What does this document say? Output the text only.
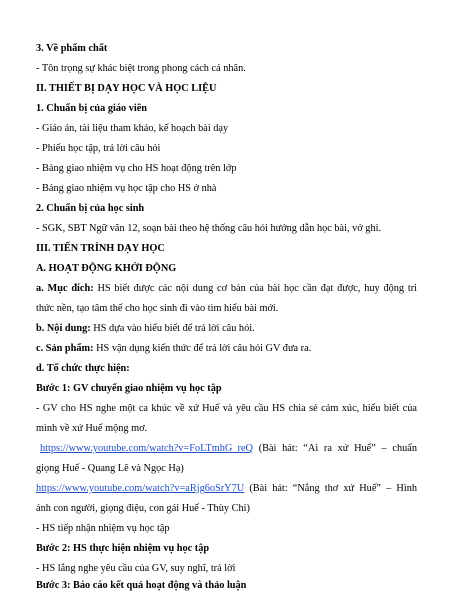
3. Về phẩm chất
- Tôn trọng sự khác biệt trong phong cách cá nhân.
II. THIẾT BỊ DẠY HỌC VÀ HỌC LIỆU
1. Chuẩn bị của giáo viên
- Giáo án, tài liệu tham khảo, kế hoạch bài dạy
- Phiếu học tập, trả lời câu hỏi
- Bảng giao nhiệm vụ cho HS hoạt động trên lớp
- Bảng giao nhiệm vụ học tập cho HS ở nhà
2. Chuẩn bị của học sinh
- SGK, SBT Ngữ văn 12, soạn bài theo hệ thống câu hỏi hướng dẫn học bài, vở ghi.
III. TIẾN TRÌNH DẠY HỌC
A. HOẠT ĐỘNG KHỞI ĐỘNG
a. Mục đích: HS biết được các nội dung cơ bản của bài học cần đạt được, huy động tri
thức nền, tạo tâm thế cho học sinh đi vào tìm hiểu bài mới.
b. Nội dung: HS dựa vào hiểu biết để trả lời câu hỏi.
c. Sản phẩm: HS vận dụng kiến thức để trả lời câu hỏi GV đưa ra.
d. Tổ chức thực hiện:
Bước 1: GV chuyển giao nhiệm vụ học tập
- GV cho HS nghe một ca khúc về xứ Huế và yêu cầu HS chia sẻ cảm xúc, hiểu biết của
mình về xứ Huế mộng mơ.
https://www.youtube.com/watch?v=FoLTmhG_reQ (Bài hát: “Ai ra xứ Huế” – chuẩn
giọng Huế - Quang Lê và Ngọc Hạ)
https://www.youtube.com/watch?v=aRjg6oSrY7U (Bài hát: “Nắng thơ xứ Huế” – Hình
ảnh con người, giọng điệu, con gái Huế - Thùy Chi)
- HS tiếp nhận nhiệm vụ học tập
Bước 2: HS thực hiện nhiệm vụ học tập
- HS lắng nghe yêu cầu của GV, suy nghĩ, trả lời
Bước 3: Báo cáo kết quả hoạt động và thảo luận
